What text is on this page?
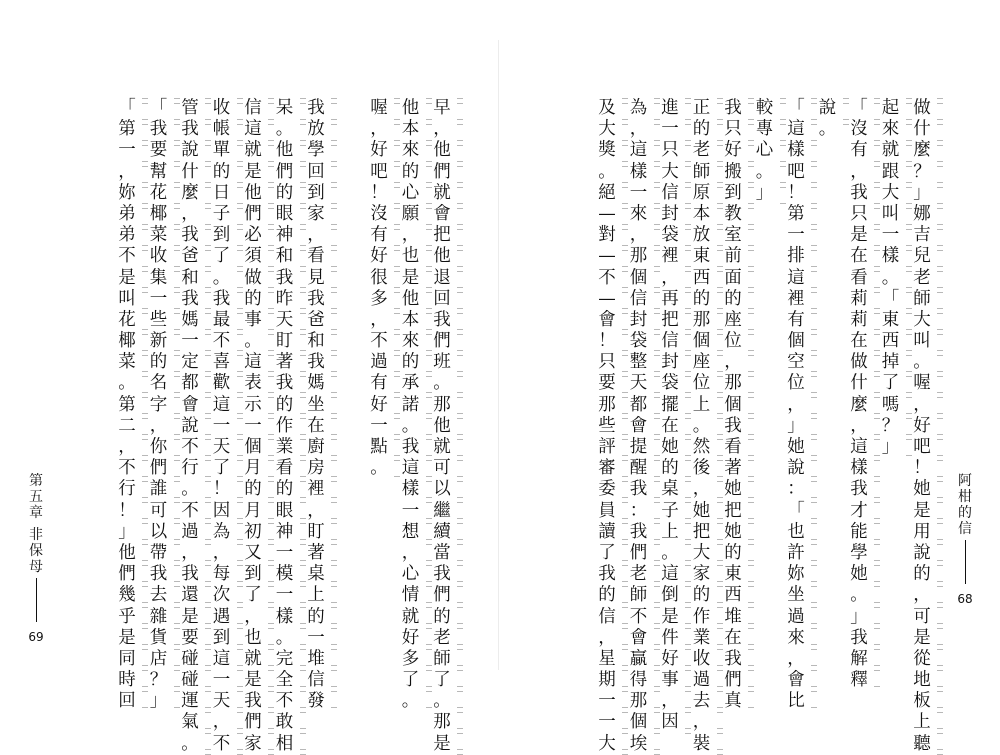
第
五
章
非
保
母
69
早
，
他
們
就
會
把
他
退
回
我
們
班
。
那
他
就
可
以
繼
續
當
我
們
的
老
師
了
。
那
是
他
本
來
的
心
願
，
也
是
他
本
來
的
承
諾
。
我
這
樣
一
想
，
心
情
就
好
多
了
。
喔
，
好
吧
！
沒
有
好
很
多
，
不
過
有
好
一
點
。
我
放
學
回
到
家
，
看
見
我
爸
和
我
媽
坐
在
廚
房
裡
，
盯
著
桌
上
的
一
堆
信
發
呆
。
他
們
的
眼
神
和
我
昨
天
盯
著
我
的
作
業
看
的
眼
神
一
模
一
樣
。
完
全
不
敢
相
信
這
就
是
他
們
必
須
做
的
事
。
這
表
示
一
個
月
的
月
初
又
到
了
，
也
就
是
我
們
家
收
帳
單
的
日
子
到
了
。
我
最
不
喜
歡
這
一
天
了
！
因
為
，
每
次
遇
到
這
一
天
，
不
管
我
說
什
麼
，
我
爸
和
我
媽
一
定
都
會
說
不
行
。
不
過
，
我
還
是
要
碰
碰
運
氣
。
「
我
要
幫
花
椰
菜
收
集
一
些
新
的
名
字
，
你
們
誰
可
以
帶
我
去
雜
貨
店
？
」
「
第
一
，
妳
弟
弟
不
是
叫
花
椰
菜
。
第
二
，
不
行
！
」
他
們
幾
乎
是
同
時
回
阿
柑
的
信
68
做
什
麼
？
」
娜
吉
兒
老
師
大
叫
。
喔
，
好
吧
！
她
是
用
說
的
，
可
是
從
地
板
上
聽
起
來
就
跟
大
叫
一
樣
。
「
東
西
掉
了
嗎
？
」
「
沒
有
，
我
只
是
在
看
莉
莉
在
做
什
麼
，
這
樣
我
才
能
學
她
。
」
我
解
釋
說
。
「
這
樣
吧
！
第
一
排
這
裡
有
個
空
位
，
」
她
說
：
「
也
許
妳
坐
過
來
，
會
比
較
專
心
。
」
我
只
好
搬
到
教
室
前
面
的
座
位
，
那
個
我
看
著
她
把
她
的
東
西
堆
在
我
們
真
正
的
老
師
原
本
放
東
西
的
那
個
座
位
上
。
然
後
，
她
把
大
家
的
作
業
收
過
去
，
裝
進
一
只
大
信
封
袋
裡
，
再
把
信
封
袋
擺
在
她
的
桌
子
上
。
這
倒
是
件
好
事
，
因
為
，
這
樣
一
來
，
那
個
信
封
袋
整
天
都
會
提
醒
我
：
我
們
老
師
不
會
贏
得
那
個
埃
及
大
獎
。
絕
—
對
—
不
—
會
！
只
要
那
些
評
審
委
員
讀
了
我
的
信
，
星
期
一
一
大
